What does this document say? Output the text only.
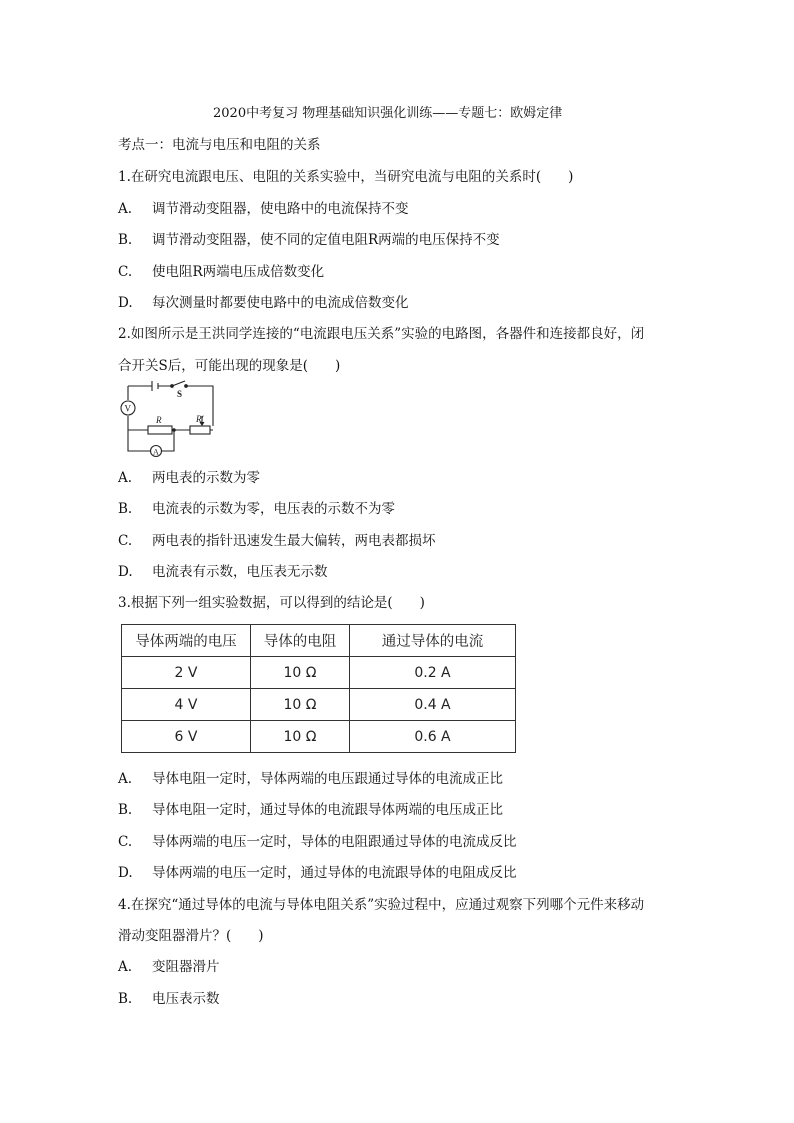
2020中考复习 物理基础知识强化训练——专题七：欧姆定律
考点一：电流与电压和电阻的关系
1.在研究电流跟电压、电阻的关系实验中，当研究电流与电阻的关系时(　　)
A. 调节滑动变阻器，使电路中的电流保持不变
B. 调节滑动变阻器，使不同的定值电阻R两端的电压保持不变
C. 使电阻R两端电压成倍数变化
D. 每次测量时都要使电路中的电流成倍数变化
2.如图所示是王洪同学连接的“电流跟电压关系”实验的电路图，各器件和连接都良好，闭
合开关S后，可能出现的现象是(　　)
S
V
R	R'
A
A. 两电表的示数为零
B. 电流表的示数为零，电压表的示数不为零
C. 两电表的指针迅速发生最大偏转，两电表都损坏
D. 电流表有示数，电压表无示数
3.根据下列一组实验数据，可以得到的结论是(　　)
导体两端的电压	导体的电阻	通过导体的电流
2 V	10 Ω	0.2 A
4 V	10 Ω	0.4 A
6 V	10 Ω	0.6 A
A. 导体电阻一定时，导体两端的电压跟通过导体的电流成正比
B. 导体电阻一定时，通过导体的电流跟导体两端的电压成正比
C. 导体两端的电压一定时，导体的电阻跟通过导体的电流成反比
D. 导体两端的电压一定时，通过导体的电流跟导体的电阻成反比
4.在探究“通过导体的电流与导体电阻关系”实验过程中，应通过观察下列哪个元件来移动
滑动变阻器滑片？(　　)
A. 变阻器滑片
B. 电压表示数
